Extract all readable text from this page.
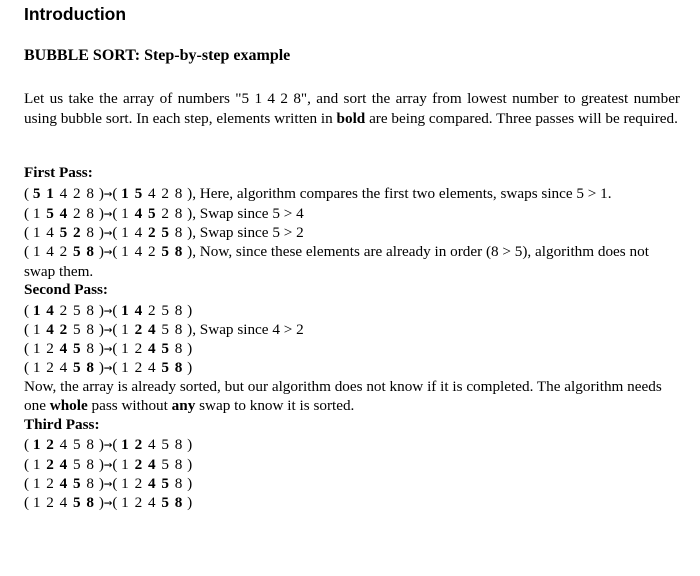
Introduction
BUBBLE SORT: Step-by-step example
Let us take the array of numbers "5 1 4 2 8", and sort the array from lowest number to greatest number using bubble sort. In each step, elements written in bold are being compared. Three passes will be required.
First Pass:
( 5 1 4 2 8 )→( 1 5 4 2 8 ), Here, algorithm compares the first two elements, swaps since 5 > 1.
( 1 5 4 2 8 )→( 1 4 5 2 8 ), Swap since 5 > 4
( 1 4 5 2 8 )→( 1 4 2 5 8 ), Swap since 5 > 2
( 1 4 2 5 8 )→( 1 4 2 5 8 ), Now, since these elements are already in order (8 > 5), algorithm does not swap them.
Second Pass:
( 1 4 2 5 8 )→( 1 4 2 5 8 )
( 1 4 2 5 8 )→( 1 2 4 5 8 ), Swap since 4 > 2
( 1 2 4 5 8 )→( 1 2 4 5 8 )
( 1 2 4 5 8 )→( 1 2 4 5 8 )
Now, the array is already sorted, but our algorithm does not know if it is completed. The algorithm needs one whole pass without any swap to know it is sorted.
Third Pass:
( 1 2 4 5 8 )→( 1 2 4 5 8 )
( 1 2 4 5 8 )→( 1 2 4 5 8 )
( 1 2 4 5 8 )→( 1 2 4 5 8 )
( 1 2 4 5 8 )→( 1 2 4 5 8 )
